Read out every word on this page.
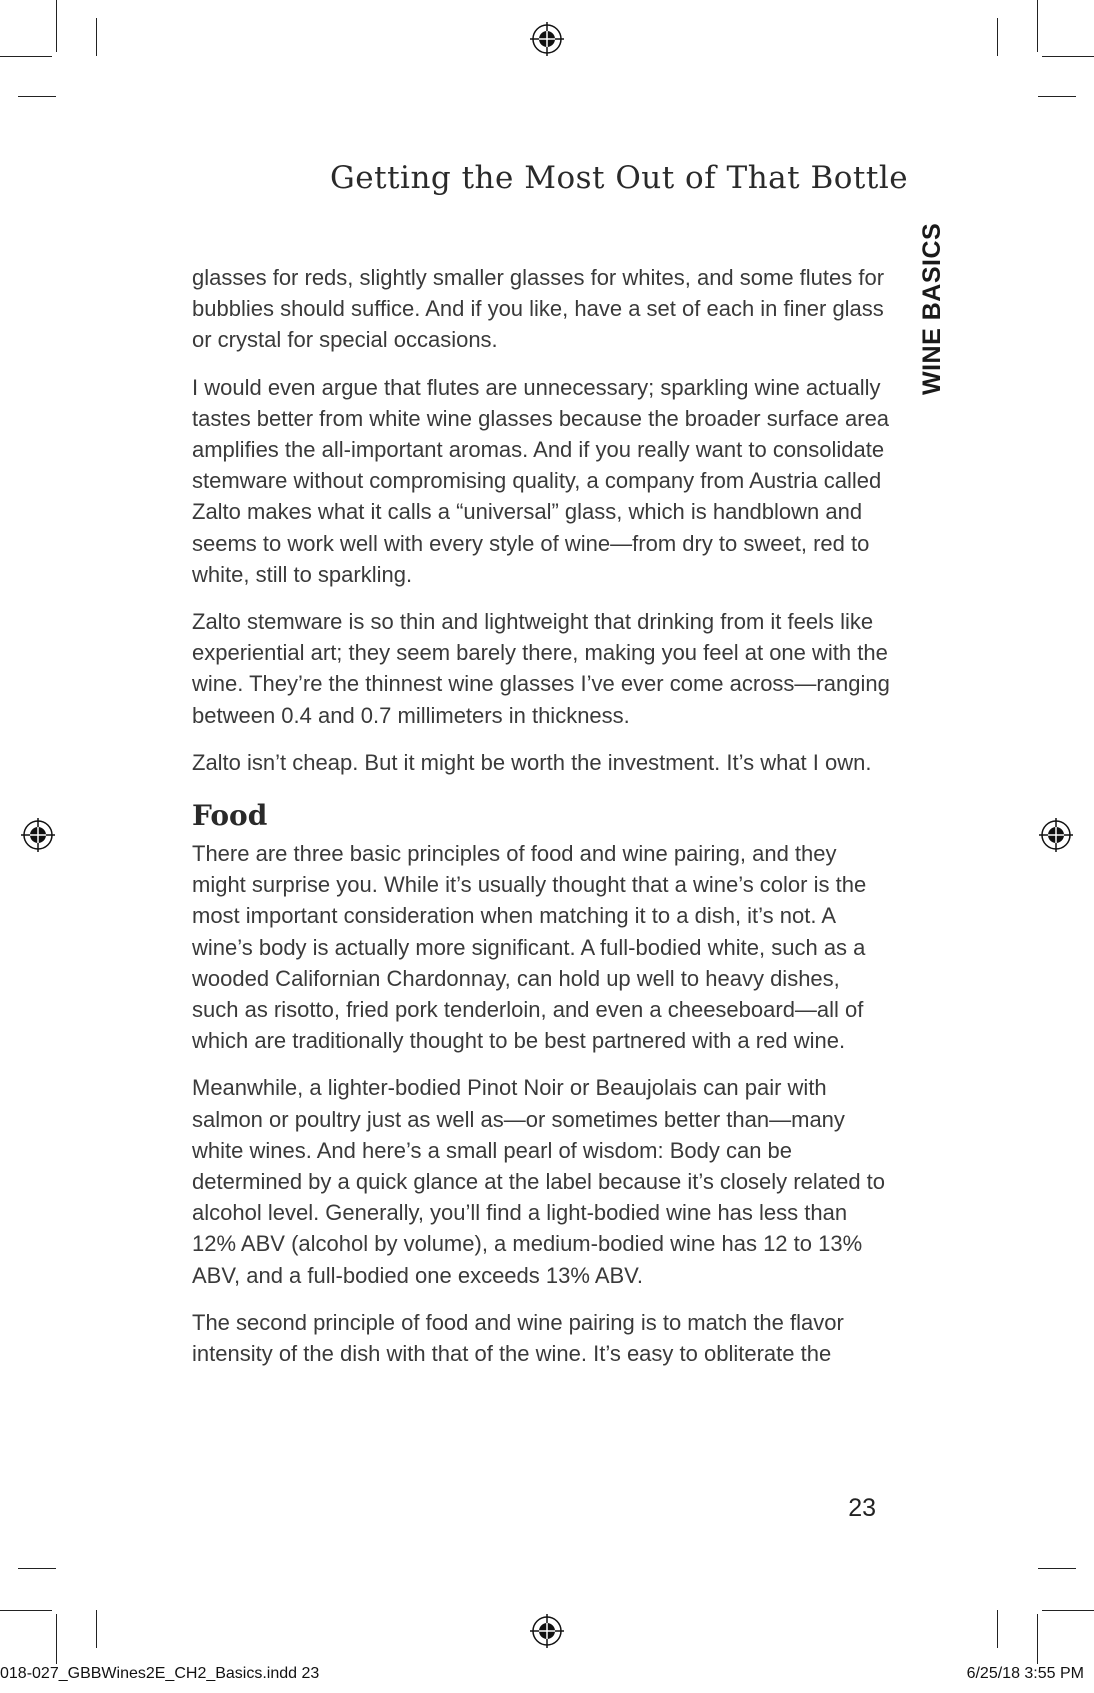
Getting the Most Out of That Bottle
WINE BASICS

glasses for reds, slightly smaller glasses for whites, and some flutes for bubblies should suffice. And if you like, have a set of each in finer glass or crystal for special occasions.

I would even argue that flutes are unnecessary; sparkling wine actually tastes better from white wine glasses because the broader surface area amplifies the all-important aromas. And if you really want to consolidate stemware without compromising quality, a company from Austria called Zalto makes what it calls a “universal” glass, which is handblown and seems to work well with every style of wine—from dry to sweet, red to white, still to sparkling.

Zalto stemware is so thin and lightweight that drinking from it feels like experiential art; they seem barely there, making you feel at one with the wine. They’re the thinnest wine glasses I’ve ever come across—ranging between 0.4 and 0.7 millimeters in thickness.

Zalto isn’t cheap. But it might be worth the investment. It’s what I own.

Food

There are three basic principles of food and wine pairing, and they might surprise you. While it’s usually thought that a wine’s color is the most important consideration when matching it to a dish, it’s not. A wine’s body is actually more significant. A full-bodied white, such as a wooded Californian Chardonnay, can hold up well to heavy dishes, such as risotto, fried pork tenderloin, and even a cheeseboard—all of which are traditionally thought to be best partnered with a red wine.

Meanwhile, a lighter-bodied Pinot Noir or Beaujolais can pair with salmon or poultry just as well as—or sometimes better than—many white wines. And here’s a small pearl of wisdom: Body can be determined by a quick glance at the label because it’s closely related to alcohol level. Generally, you’ll find a light-bodied wine has less than 12% ABV (alcohol by volume), a medium-bodied wine has 12 to 13% ABV, and a full-bodied one exceeds 13% ABV.

The second principle of food and wine pairing is to match the flavor intensity of the dish with that of the wine. It’s easy to obliterate the

23
018-027_GBBWines2E_CH2_Basics.indd 23	6/25/18 3:55 PM
